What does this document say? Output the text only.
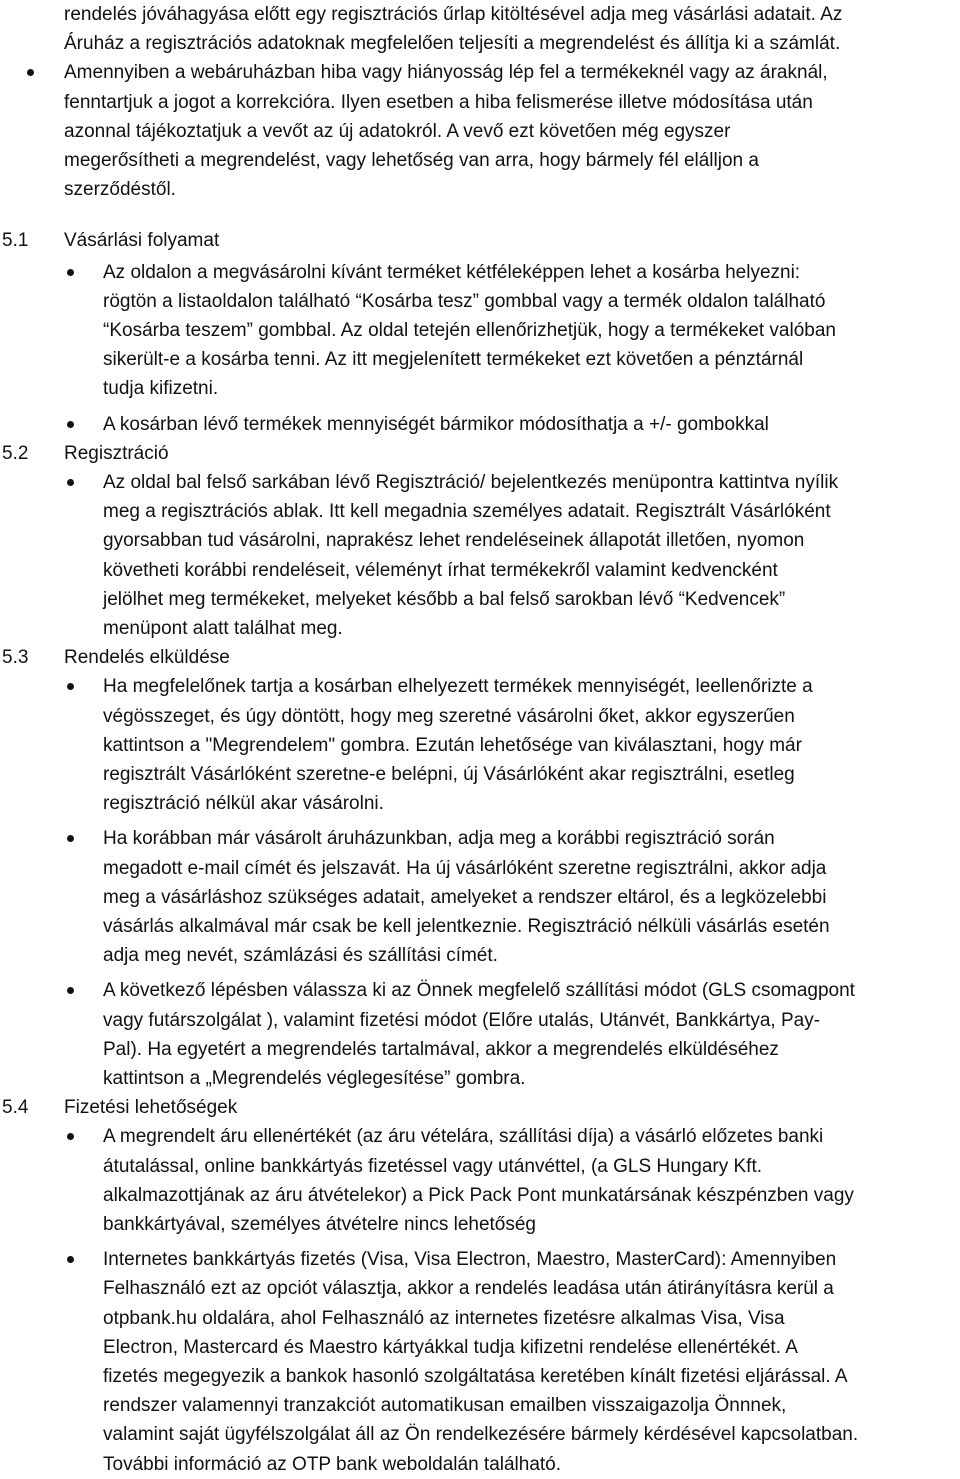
rendelés jóváhagyása előtt egy regisztrációs űrlap kitöltésével adja meg vásárlási adatait. Az
Áruház a regisztrációs adatoknak megfelelően teljesíti a megrendelést és állítja ki a számlát.
Amennyiben a webáruházban hiba vagy hiányosság lép fel a termékeknél vagy az áraknál,
fenntartjuk a jogot a korrekcióra. Ilyen esetben a hiba felismerése illetve módosítása után
azonnal tájékoztatjuk a vevőt az új adatokról. A vevő ezt követően még egyszer
megerősítheti a megrendelést, vagy lehetőség van arra, hogy bármely fél elálljon a
szerződéstől.
5.1 Vásárlási folyamat
Az oldalon a megvásárolni kívánt terméket kétféleképpen lehet a kosárba helyezni:
rögtön a listaoldalon található “Kosárba tesz” gombbal vagy a termék oldalon található
“Kosárba teszem” gombbal. Az oldal tetején ellenőrizhetjük, hogy a termékeket valóban
sikerült-e a kosárba tenni. Az itt megjelenített termékeket ezt követően a pénztárnál
tudja kifizetni.
A kosárban lévő termékek mennyiségét bármikor módosíthatja a +/- gombokkal
5.2 Regisztráció
Az oldal bal felső sarkában lévő Regisztráció/ bejelentkezés menüpontra kattintva nyílik
meg a regisztrációs ablak. Itt kell megadnia személyes adatait. Regisztrált Vásárlóként
gyorsabban tud vásárolni, naprakész lehet rendeléseinek állapotát illetően, nyomon
követheti korábbi rendeléseit, véleményt írhat termékekről valamint kedvencként
jelölhet meg termékeket, melyeket később a bal felső sarokban lévő “Kedvencek”
menüpont alatt találhat meg.
5.3 Rendelés elküldése
Ha megfelelőnek tartja a kosárban elhelyezett termékek mennyiségét, leellenőrizte a
végösszeget, és úgy döntött, hogy meg szeretné vásárolni őket, akkor egyszerűen
kattintson a "Megrendelem" gombra. Ezután lehetősége van kiválasztani, hogy már
regisztrált Vásárlóként szeretne-e belépni, új Vásárlóként akar regisztrálni, esetleg
regisztráció nélkül akar vásárolni.
Ha korábban már vásárolt áruházunkban, adja meg a korábbi regisztráció során
megadott e-mail címét és jelszavát. Ha új vásárlóként szeretne regisztrálni, akkor adja
meg a vásárláshoz szükséges adatait, amelyeket a rendszer eltárol, és a legközelebbi
vásárlás alkalmával már csak be kell jelentkeznie. Regisztráció nélküli vásárlás esetén
adja meg nevét, számlázási és szállítási címét.
A következő lépésben válassza ki az Önnek megfelelő szállítási módot (GLS csomagpont
vagy futárszolgálat ), valamint fizetési módot (Előre utalás, Utánvét, Bankkártya, Pay-
Pal). Ha egyetért a megrendelés tartalmával, akkor a megrendelés elküldéséhez
kattintson a „Megrendelés véglegesítése” gombra.
5.4 Fizetési lehetőségek
A megrendelt áru ellenértékét (az áru vételára, szállítási díja) a vásárló előzetes banki
átutalással, online bankkártyás fizetéssel vagy utánvéttel, (a GLS Hungary Kft.
alkalmazottjának az áru átvételekor) a Pick Pack Pont munkatársának készpénzben vagy
bankkártyával, személyes átvételre nincs lehetőség
Internetes bankkártyás fizetés (Visa, Visa Electron, Maestro, MasterCard): Amennyiben
Felhasználó ezt az opciót választja, akkor a rendelés leadása után átirányításra kerül a
otpbank.hu oldalára, ahol Felhasználó az internetes fizetésre alkalmas Visa, Visa
Electron, Mastercard és Maestro kártyákkal tudja kifizetni rendelése ellenértékét. A
fizetés megegyezik a bankok hasonló szolgáltatása keretében kínált fizetési eljárással. A
rendszer valamennyi tranzakciót automatikusan emailben visszaigazolja Önnnek,
valamint saját ügyfélszolgálat áll az Ön rendelkezésére bármely kérdésével kapcsolatban.
További információ az OTP bank weboldalán található.
